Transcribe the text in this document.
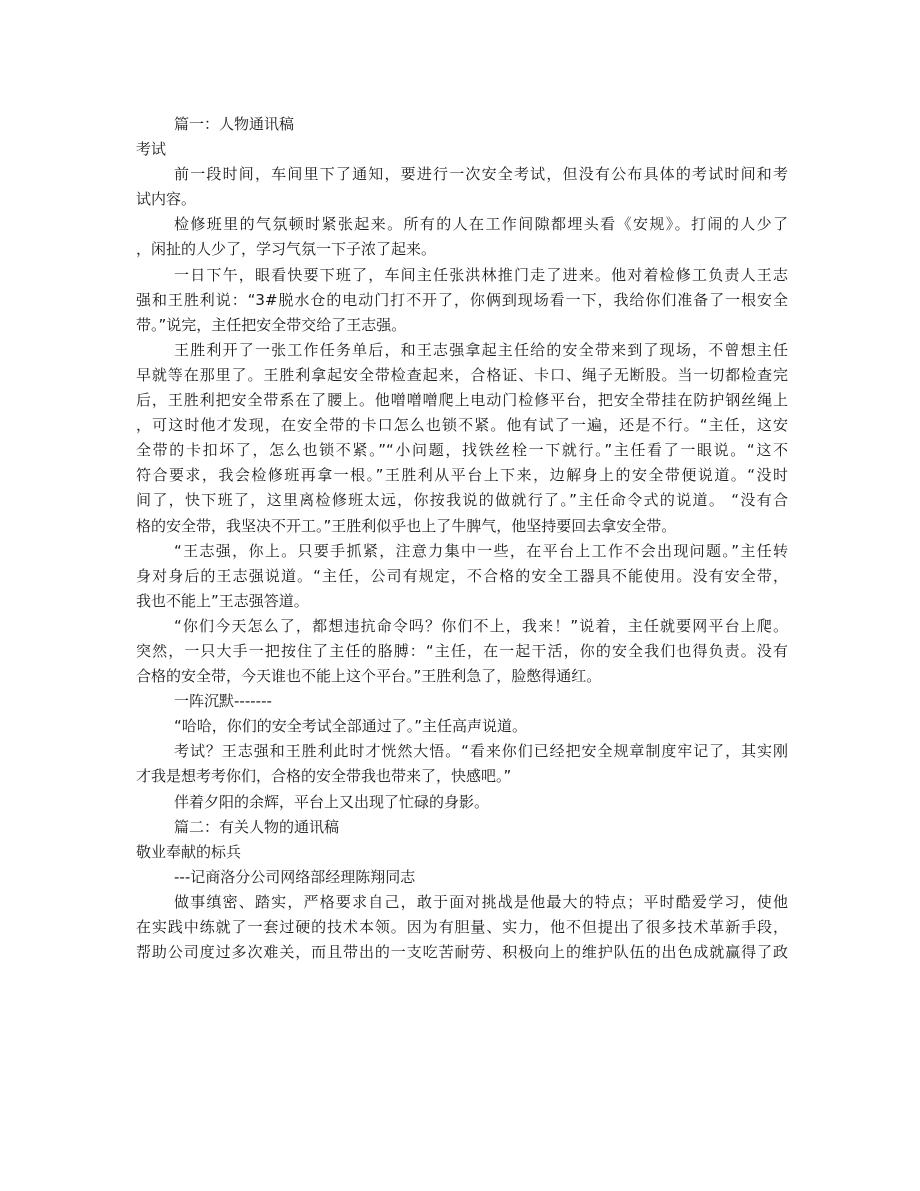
篇一：人物通讯稿
考试
前一段时间，车间里下了通知，要进行一次安全考试，但没有公布具体的考试时间和考
试内容。
检修班里的气氛顿时紧张起来。所有的人在工作间隙都埋头看《安规》。打闹的人少了
，闲扯的人少了，学习气氛一下子浓了起来。
一日下午，眼看快要下班了，车间主任张洪林推门走了进来。他对着检修工负责人王志
强和王胜利说：“3#脱水仓的电动门打不开了，你俩到现场看一下，我给你们准备了一根安全
带。”说完，主任把安全带交给了王志强。
王胜利开了一张工作任务单后，和王志强拿起主任给的安全带来到了现场，不曾想主任
早就等在那里了。王胜利拿起安全带检查起来，合格证、卡口、绳子无断股。当一切都检查完
后，王胜利把安全带系在了腰上。他噌噌噌爬上电动门检修平台，把安全带挂在防护钢丝绳上
，可这时他才发现，在安全带的卡口怎么也锁不紧。他有试了一遍，还是不行。“主任，这安
全带的卡扣坏了，怎么也锁不紧。”“小问题，找铁丝栓一下就行。”主任看了一眼说。“这不
符合要求，我会检修班再拿一根。”王胜利从平台上下来，边解身上的安全带便说道。“没时
间了，快下班了，这里离检修班太远，你按我说的做就行了。”主任命令式的说道。 “没有合
格的安全带，我坚决不开工。”王胜利似乎也上了牛脾气，他坚持要回去拿安全带。
“王志强，你上。只要手抓紧，注意力集中一些，在平台上工作不会出现问题。”主任转
身对身后的王志强说道。“主任，公司有规定，不合格的安全工器具不能使用。没有安全带，
我也不能上”王志强答道。
“你们今天怎么了，都想违抗命令吗？你们不上，我来！”说着，主任就要网平台上爬。
突然，一只大手一把按住了主任的胳膊：“主任，在一起干活，你的安全我们也得负责。没有
合格的安全带，今天谁也不能上这个平台。”王胜利急了，脸憋得通红。
一阵沉默-------
“哈哈，你们的安全考试全部通过了。”主任高声说道。
考试？王志强和王胜利此时才恍然大悟。“看来你们已经把安全规章制度牢记了，其实刚
才我是想考考你们，合格的安全带我也带来了，快感吧。”
伴着夕阳的余辉，平台上又出现了忙碌的身影。
篇二：有关人物的通讯稿
敬业奉献的标兵
---记商洛分公司网络部经理陈翔同志
做事缜密、踏实，严格要求自己，敢于面对挑战是他最大的特点；平时酷爱学习，使他
在实践中练就了一套过硬的技术本领。因为有胆量、实力，他不但提出了很多技术革新手段，
帮助公司度过多次难关，而且带出的一支吃苦耐劳、积极向上的维护队伍的出色成就赢得了政
